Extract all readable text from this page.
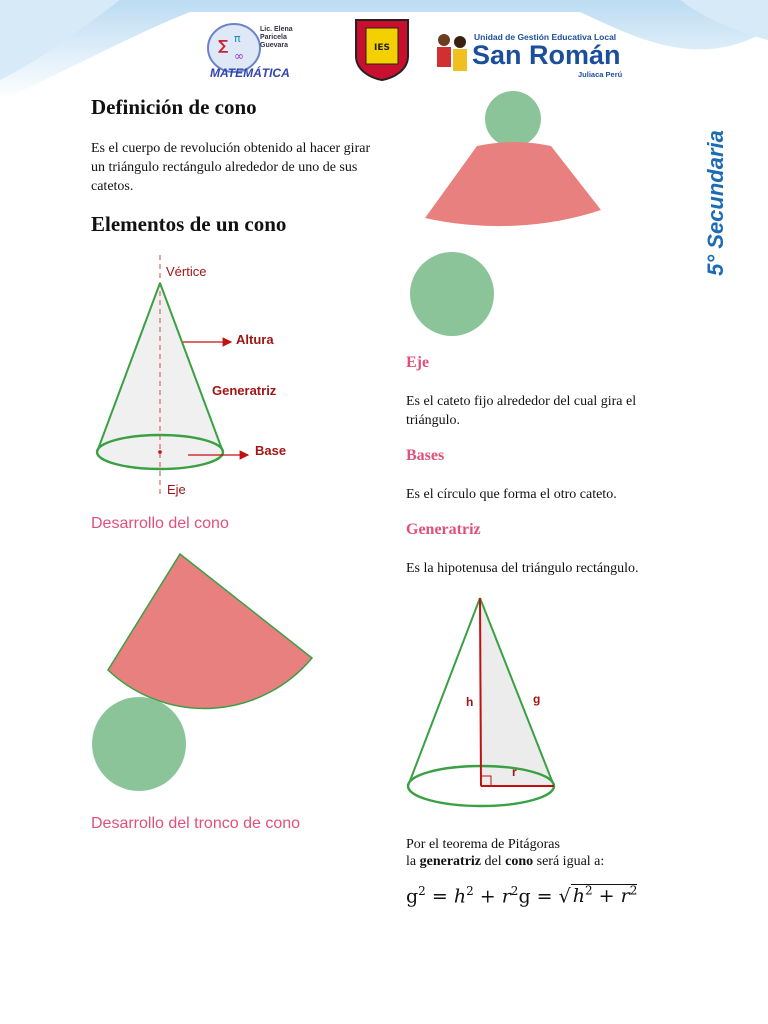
∑ π
∞
Lic. Elena Paricela Guevara
MATEMÁTICA
IES
Unidad de Gestión Educativa Local
San Román
Juliaca Perú
5° Secundaria
Definición de cono
Es el cuerpo de revolución obtenido al hacer girar un triángulo rectángulo alrededor de uno de sus catetos.
Elementos de un cono
Vértice
Altura
Generatriz
Base
Eje
Desarrollo del cono
Desarrollo del tronco de cono
Eje
Es el cateto fijo alrededor del cual gira el triángulo.
Bases
Es el círculo que forma el otro cateto.
Generatriz
Es la hipotenusa del triángulo rectángulo.
h	g
r
Por el teorema de Pitágoras
la generatriz del cono será igual a:
$g^2 = h^2 + r^2g$ = √ $h^2 + r^2$
